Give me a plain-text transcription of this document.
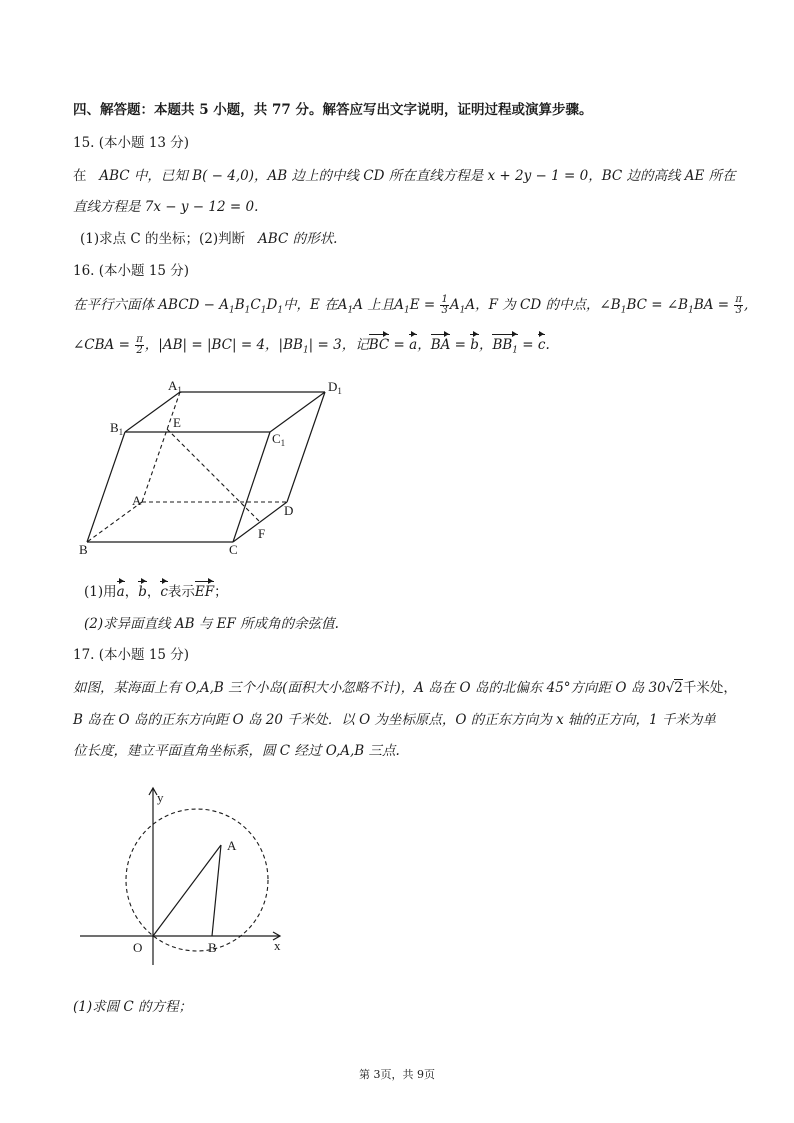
四、解答题：本题共 5 小题，共 77 分。解答应写出文字说明，证明过程或演算步骤。
15. (本小题 13 分)
在 ABC 中，已知 B( − 4,0)，AB 边上的中线 CD 所在直线方程是 x + 2y − 1 = 0，BC 边的高线 AE 所在
直线方程是 7x − y − 12 = 0.
(1)求点 C 的坐标；(2)判断 ABC 的形状.
16. (本小题 15 分)
在平行六面体 ABCD − $A_1B_1C_1D_1$中，E 在$A_1A$ 上且$A_1E = \frac{1}{3} A_1A$，F 为 CD 的中点，$\angle B_1BC$ = $\angle B_1BA = \frac{\pi}{3}$ ,
∠CBA = $\frac{\pi}{2}$ ，|AB| = |BC| = 4，$|BB_1| = 3$，记BC = a，BA = b，$BB_1 = c$.
$A_1$	$D_1$
$B_1$	$C_1$
E
A
D
B	C
F
(1)用a，b，c表示EF；
(2)求异面直线 AB 与 EF 所成角的余弦值.
17. (本小题 15 分)
如图，某海面上有 O,A,B 三个小岛(面积大小忽略不计)，A 岛在 O 岛的北偏东 45°方向距 O 岛 30√2千米处，
B 岛在 O 岛的正东方向距 O 岛 20 千米处．以 O 为坐标原点，O 的正东方向为 x 轴的正方向，1 千米为单
位长度，建立平面直角坐标系，圆 C 经过 O,A,B 三点.
y
x
O
A
B
(1)求圆 C 的方程；
第 3页，共 9页
